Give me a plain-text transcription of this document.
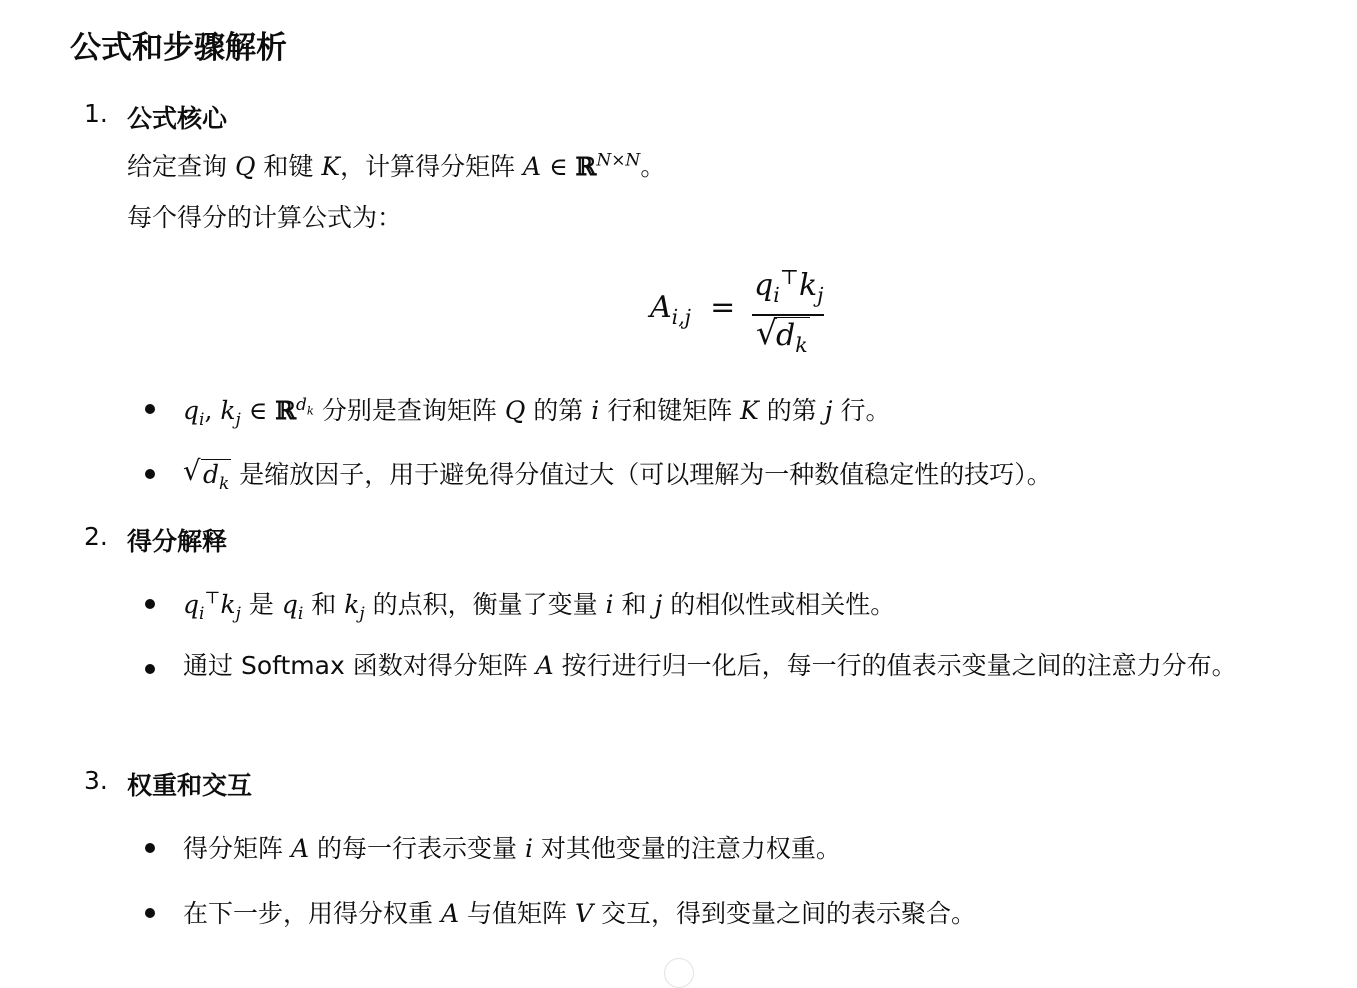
公式和步骤解析
1. 公式核心
给定查询 Q 和键 K，计算得分矩阵 A ∈ ℝ$^{N\times N}$。
每个得分的计算公式为：
$A_{i,j}$  =
$q_i^⊤k_j$
√
$d_k$
$q_i$, $k_j$ ∈ ℝ$^{d_k}$ 分别是查询矩阵 Q 的第 i 行和键矩阵 K 的第 j 行。
√ $d_k$ 是缩放因子，用于避免得分值过大（可以理解为一种数值稳定性的技巧）。
2. 得分解释
$q_i^⊤k_j$ 是 $q_i$ 和 $k_j$ 的点积，衡量了变量 i 和 j 的相似性或相关性。
通过 Softmax 函数对得分矩阵 A 按行进行归一化后，每一行的值表示变量之间的注意力分布。
3. 权重和交互
得分矩阵 A 的每一行表示变量 i 对其他变量的注意力权重。
在下一步，用得分权重 A 与值矩阵 V 交互，得到变量之间的表示聚合。
